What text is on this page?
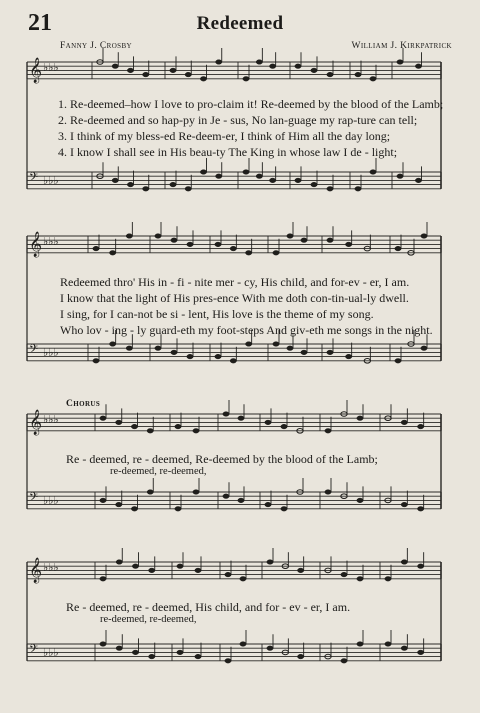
𝄞 ♭♭♭
𝄢 ♭♭♭
𝄞 ♭♭♭
𝄢 ♭♭♭
𝄞 ♭♭♭
𝄢 ♭♭♭
𝄞 ♭♭♭
𝄢 ♭♭♭
21	Redeemed
Fanny J. Crosby	William J. Kirkpatrick
1. Re-deemed–how I love to pro-claim it! Re-deemed by the blood of the Lamb;
2. Re-deemed and so hap-py in Je - sus, No lan-guage my rap-ture can tell;
3. I think of my bless-ed Re-deem-er, I think of Him all the day long;
4. I know I shall see in His beau-ty The King in whose law I de - light;
Redeemed thro' His in - fi - nite mer - cy, His child, and for-ev - er, I am.
I know that the light of His pres-ence With me doth con-tin-ual-ly dwell.
I sing, for I can-not be si - lent, His love is the theme of my song.
Who lov - ing - ly guard-eth my foot-steps And giv-eth me songs in the night.
Chorus
Re - deemed, re - deemed, Re-deemed by the blood of the Lamb;
re-deemed, re-deemed,
Re - deemed, re - deemed, His child, and for - ev - er, I am.
re-deemed, re-deemed,
